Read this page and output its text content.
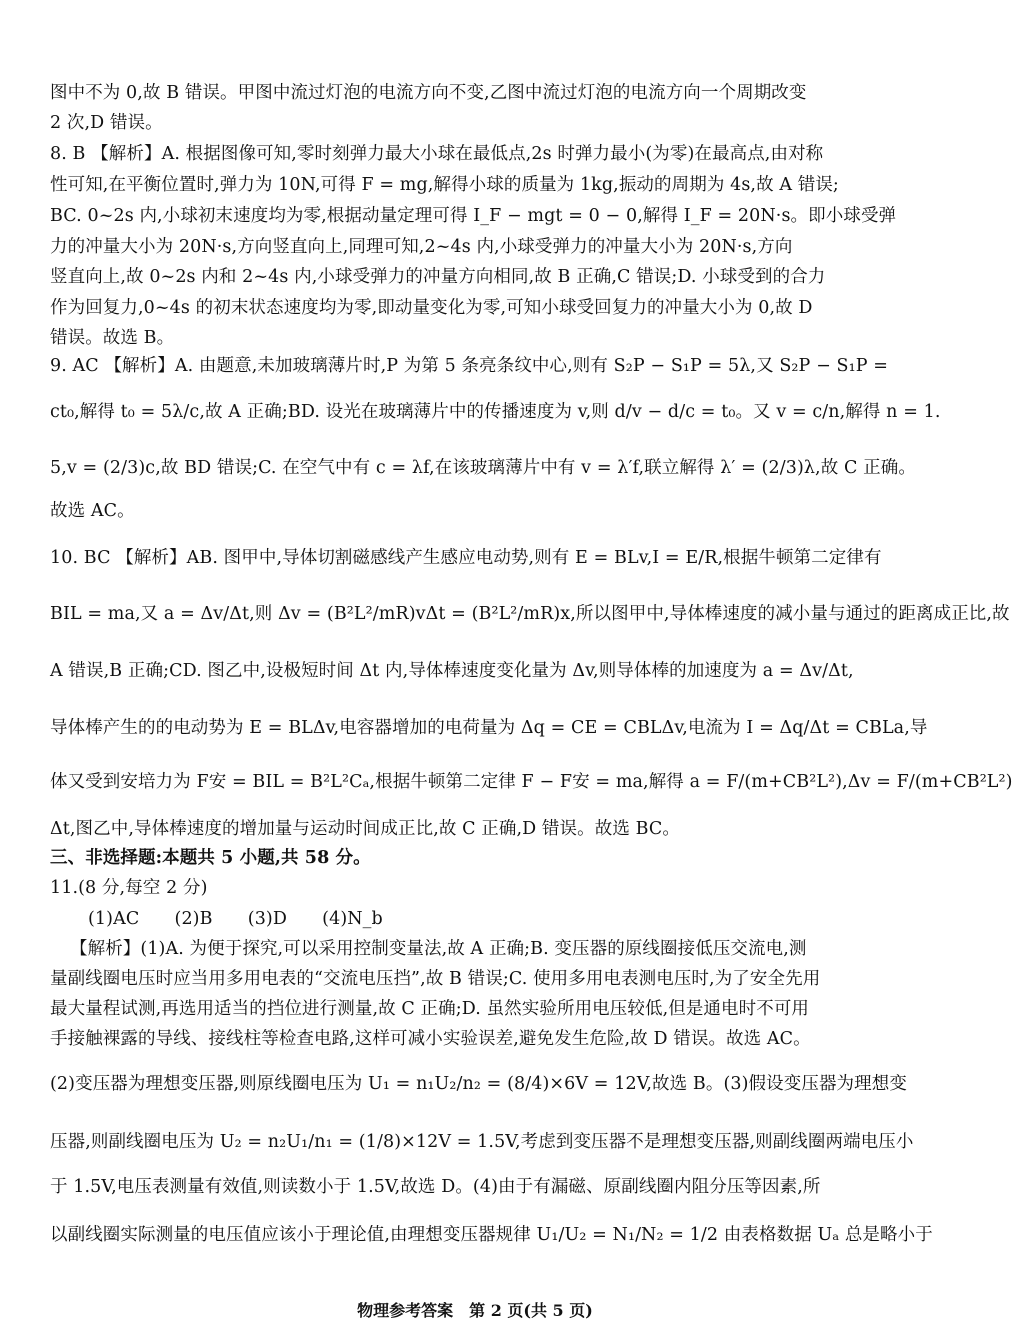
图中不为 0,故 B 错误。甲图中流过灯泡的电流方向不变,乙图中流过灯泡的电流方向一个周期改变
2 次,D 错误。
8. B 【解析】A. 根据图像可知,零时刻弹力最大小球在最低点,2s 时弹力最小(为零)在最高点,由对称
性可知,在平衡位置时,弹力为 10N,可得 F = mg,解得小球的质量为 1kg,振动的周期为 4s,故 A 错误;
BC. 0~2s 内,小球初末速度均为零,根据动量定理可得 I_F − mgt = 0 − 0,解得 I_F = 20N·s。即小球受弹
力的冲量大小为 20N·s,方向竖直向上,同理可知,2~4s 内,小球受弹力的冲量大小为 20N·s,方向
竖直向上,故 0~2s 内和 2~4s 内,小球受弹力的冲量方向相同,故 B 正确,C 错误;D. 小球受到的合力
作为回复力,0~4s 的初末状态速度均为零,即动量变化为零,可知小球受回复力的冲量大小为 0,故 D
错误。故选 B。
9. AC 【解析】A. 由题意,未加玻璃薄片时,P 为第 5 条亮条纹中心,则有 S₂P − S₁P = 5λ,又 S₂P − S₁P =
ct₀,解得 t₀ = 5λ/c,故 A 正确;BD. 设光在玻璃薄片中的传播速度为 v,则 d/v − d/c = t₀。又 v = c/n,解得 n = 1.
5,v = (2/3)c,故 BD 错误;C. 在空气中有 c = λf,在该玻璃薄片中有 v = λ′f,联立解得 λ′ = (2/3)λ,故 C 正确。
故选 AC。
10. BC 【解析】AB. 图甲中,导体切割磁感线产生感应电动势,则有 E = BLv,I = E/R,根据牛顿第二定律有
BIL = ma,又 a = Δv/Δt,则 Δv = (B²L²/mR)vΔt = (B²L²/mR)x,所以图甲中,导体棒速度的减小量与通过的距离成正比,故
A 错误,B 正确;CD. 图乙中,设极短时间 Δt 内,导体棒速度变化量为 Δv,则导体棒的加速度为 a = Δv/Δt,
导体棒产生的的电动势为 E = BLΔv,电容器增加的电荷量为 Δq = CE = CBLΔv,电流为 I = Δq/Δt = CBLa,导
体又受到安培力为 F安 = BIL = B²L²Cₐ,根据牛顿第二定律 F − F安 = ma,解得 a = F/(m+CB²L²),Δv = F/(m+CB²L²)
Δt,图乙中,导体棒速度的增加量与运动时间成正比,故 C 正确,D 错误。故选 BC。
三、非选择题:本题共 5 小题,共 58 分。
11.(8 分,每空 2 分)
(1)AC　　(2)B　　(3)D　　(4)N_b
【解析】(1)A. 为便于探究,可以采用控制变量法,故 A 正确;B. 变压器的原线圈接低压交流电,测
量副线圈电压时应当用多用电表的“交流电压挡”,故 B 错误;C. 使用多用电表测电压时,为了安全先用
最大量程试测,再选用适当的挡位进行测量,故 C 正确;D. 虽然实验所用电压较低,但是通电时不可用
手接触裸露的导线、接线柱等检查电路,这样可减小实验误差,避免发生危险,故 D 错误。故选 AC。
(2)变压器为理想变压器,则原线圈电压为 U₁ = n₁U₂/n₂ = (8/4)×6V = 12V,故选 B。(3)假设变压器为理想变
压器,则副线圈电压为 U₂ = n₂U₁/n₁ = (1/8)×12V = 1.5V,考虑到变压器不是理想变压器,则副线圈两端电压小
于 1.5V,电压表测量有效值,则读数小于 1.5V,故选 D。(4)由于有漏磁、原副线圈内阻分压等因素,所
以副线圈实际测量的电压值应该小于理论值,由理想变压器规律 U₁/U₂ = N₁/N₂ = 1/2 由表格数据 Uₐ 总是略小于
物理参考答案　第 2 页(共 5 页)
